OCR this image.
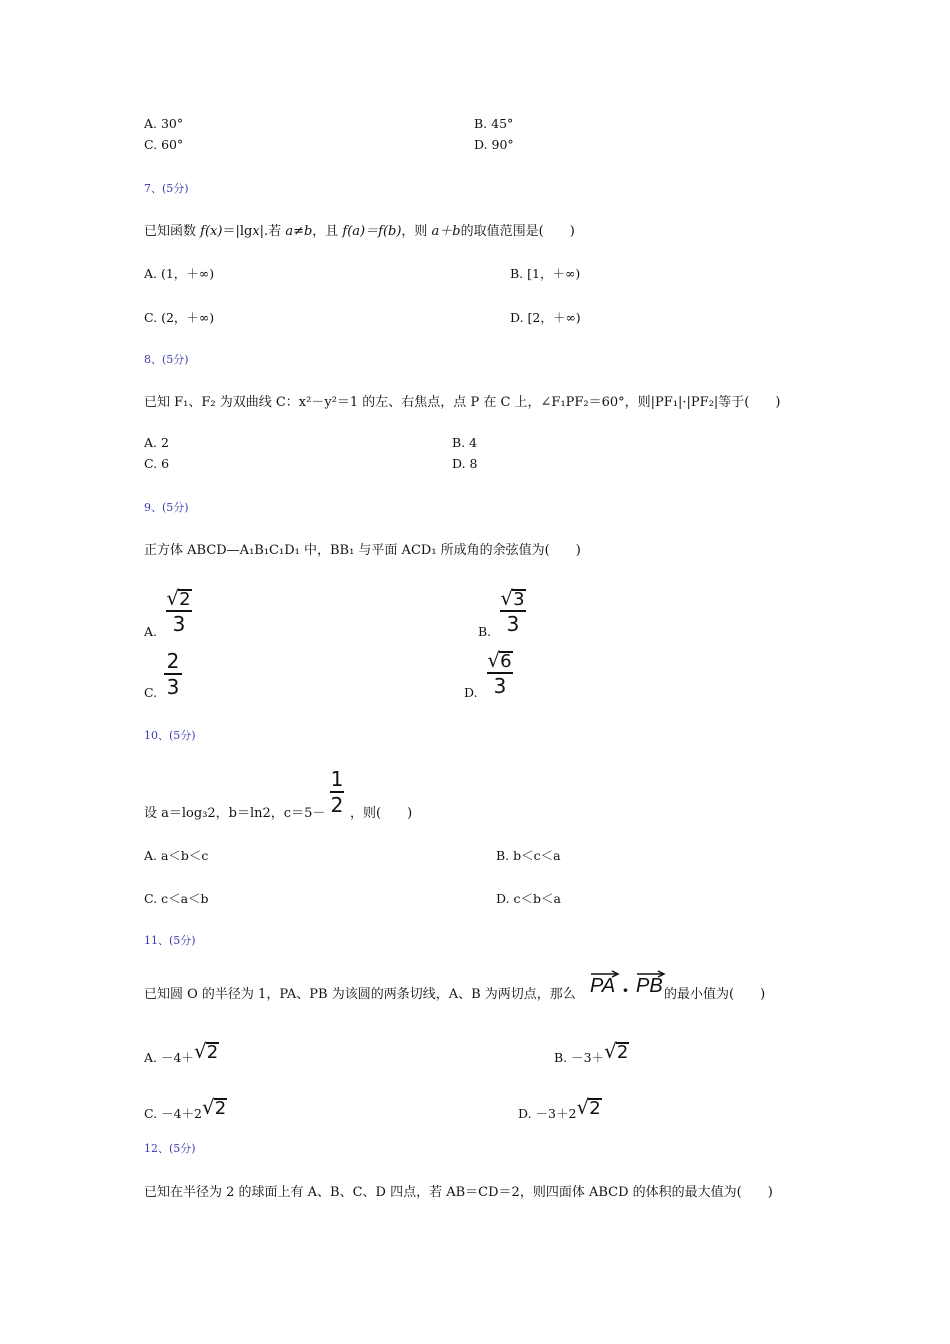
A. 30°	B. 45°
C. 60°	D. 90°
7、(5分)
已知函数 f(x)＝|lgx|.若 a≠b，且 f(a)＝f(b)，则 a＋b的取值范围是(　　)
A. (1，＋∞)	B. [1，＋∞)
C. (2，＋∞)	D. [2，＋∞)
8、(5分)
已知 F₁、F₂ 为双曲线 C：x²－y²＝1 的左、右焦点，点 P 在 C 上，∠F₁PF₂＝60°，则|PF₁|·|PF₂|等于(　　)
A. 2	B. 4
C. 6	D. 8
9、(5分)
正方体 ABCD—A₁B₁C₁D₁ 中，BB₁ 与平面 ACD₁ 所成角的余弦值为(　　)
A.
√ 2
3	B.
√ 3
3
C.
2
3	D.
√ 6
3
10、(5分)
设 a＝log₃2，b＝ln2，c＝5－
1
2 ，则(　　)
A. a＜b＜c	B. b＜c＜a
C. c＜a＜b	D. c＜b＜a
11、(5分)
已知圆 O 的半径为 1，PA、PB 为该圆的两条切线，A、B 为两切点，那么 PA · PB 的最小值为(　　)
A. －4＋ √ 2	B. －3＋ √ 2
C. －4＋2 √ 2	D. －3＋2 √ 2
12、(5分)
已知在半径为 2 的球面上有 A、B、C、D 四点，若 AB＝CD＝2，则四面体 ABCD 的体积的最大值为(　　)
